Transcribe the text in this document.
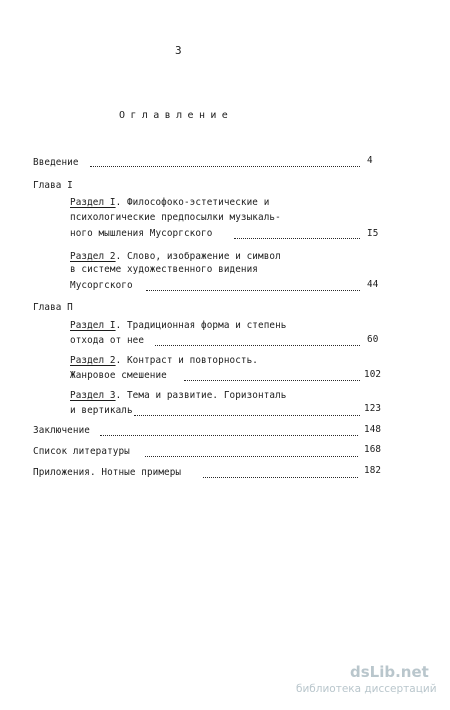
3
Оглавление
Введение	4
Глава I
Раздел I. Философоко-эстетические и
психологические предпосылки музыкаль-
ного мышления Мусоргского	I5
Раздел 2. Слово, изображение и символ
в системе художественного видения
Мусоргского	44
Глава П
Раздел I. Традиционная форма и степень
отхода от нее	60
Раздел 2. Контраст и повторность.
Жанровое смешение	102
Раздел 3. Тема и развитие. Горизонталь
и вертикаль	123
Заключение	148
Список литературы	168
Приложения. Нотные примеры	182
dsLib.net
библиотека диссертаций
